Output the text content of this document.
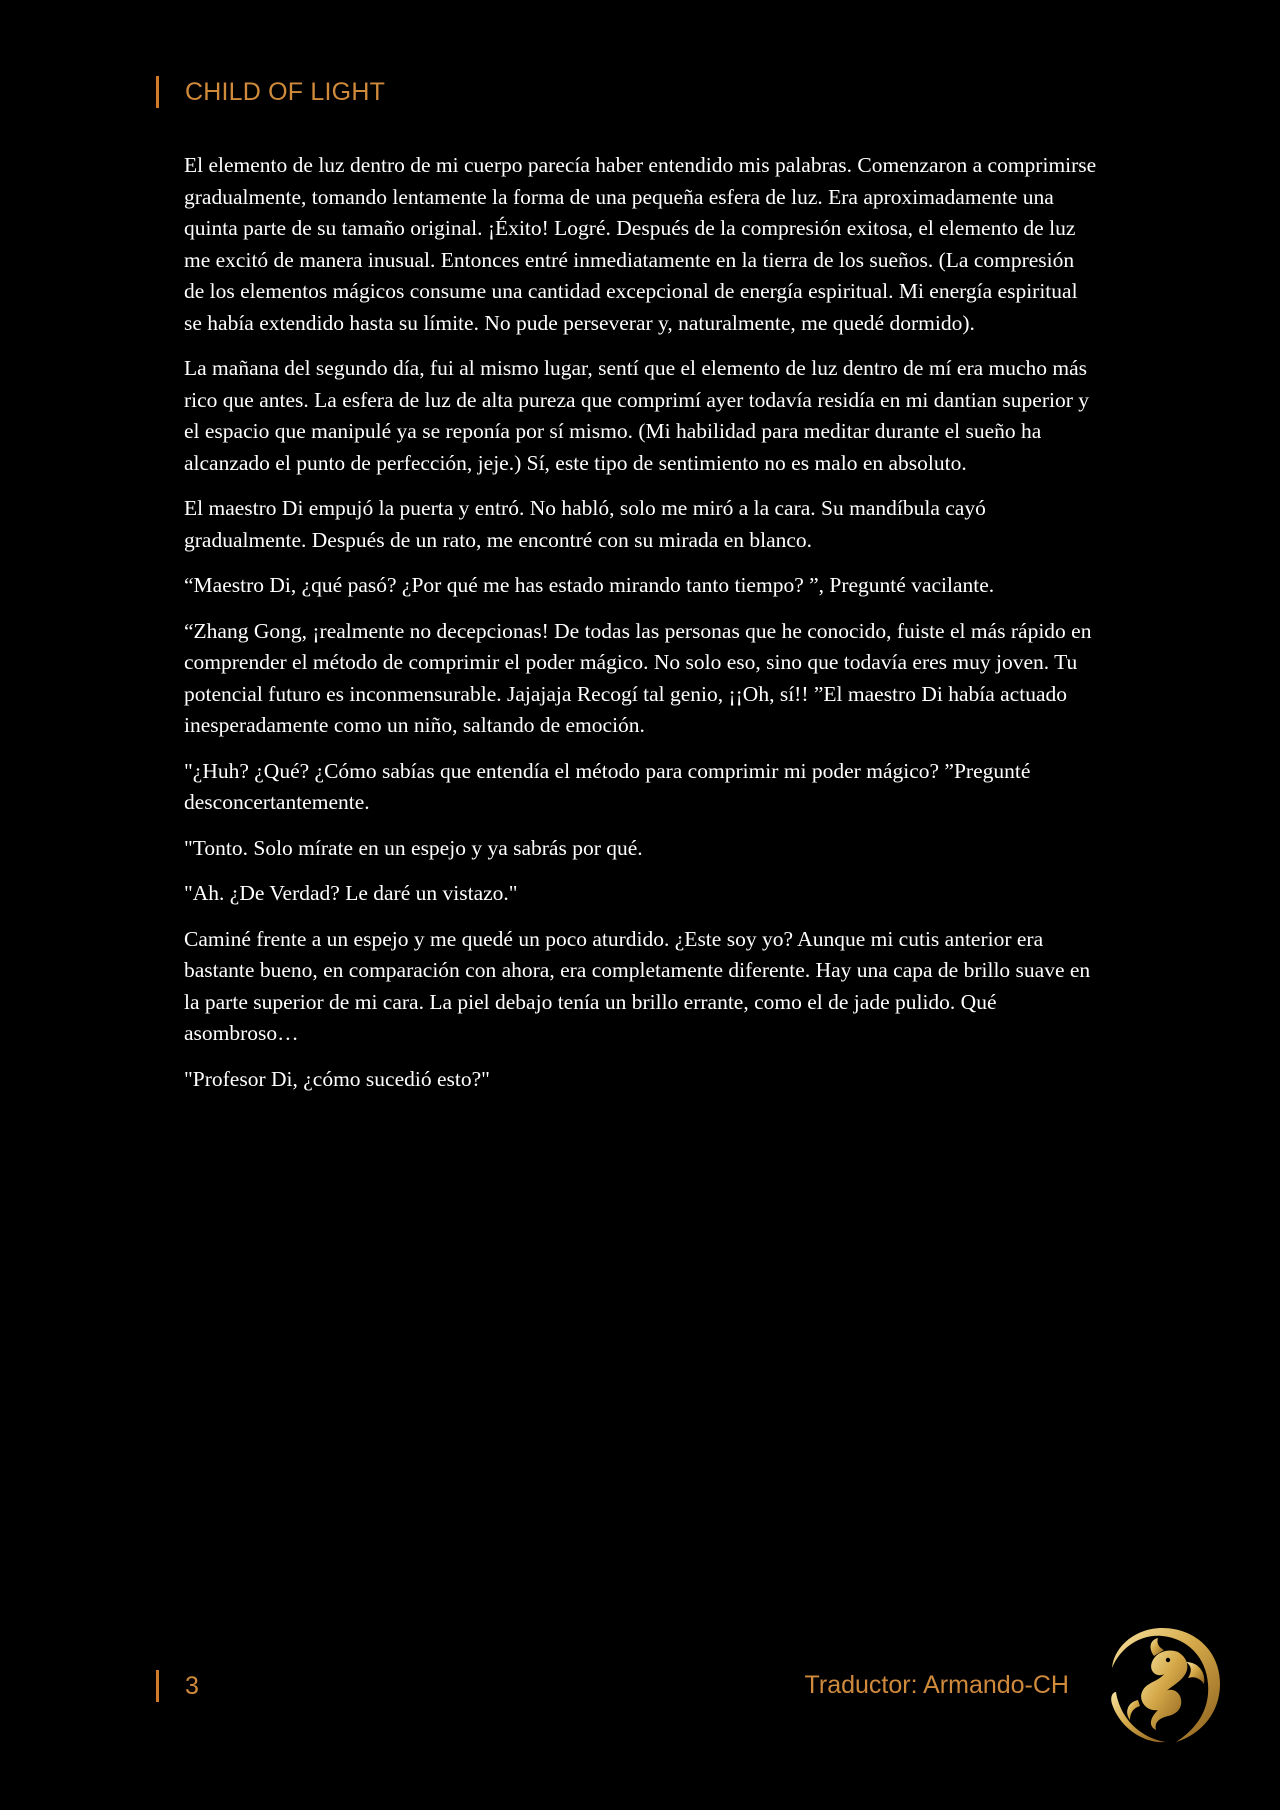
CHILD OF LIGHT

El elemento de luz dentro de mi cuerpo parecía haber entendido mis palabras. Comenzaron a comprimirse gradualmente, tomando lentamente la forma de una pequeña esfera de luz. Era aproximadamente una quinta parte de su tamaño original. ¡Éxito! Logré. Después de la compresión exitosa, el elemento de luz me excitó de manera inusual. Entonces entré inmediatamente en la tierra de los sueños. (La compresión de los elementos mágicos consume una cantidad excepcional de energía espiritual. Mi energía espiritual se había extendido hasta su límite. No pude perseverar y, naturalmente, me quedé dormido).

La mañana del segundo día, fui al mismo lugar, sentí que el elemento de luz dentro de mí era mucho más rico que antes. La esfera de luz de alta pureza que comprimí ayer todavía residía en mi dantian superior y el espacio que manipulé ya se reponía por sí mismo. (Mi habilidad para meditar durante el sueño ha alcanzado el punto de perfección, jeje.) Sí, este tipo de sentimiento no es malo en absoluto.

El maestro Di empujó la puerta y entró. No habló, solo me miró a la cara. Su mandíbula cayó gradualmente. Después de un rato, me encontré con su mirada en blanco.

“Maestro Di, ¿qué pasó? ¿Por qué me has estado mirando tanto tiempo? ”, Pregunté vacilante.

“Zhang Gong, ¡realmente no decepcionas! De todas las personas que he conocido, fuiste el más rápido en comprender el método de comprimir el poder mágico. No solo eso, sino que todavía eres muy joven. Tu potencial futuro es inconmensurable. Jajajaja Recogí tal genio, ¡¡Oh, sí!! ”El maestro Di había actuado inesperadamente como un niño, saltando de emoción.

"¿Huh? ¿Qué? ¿Cómo sabías que entendía el método para comprimir mi poder mágico? ”Pregunté desconcertantemente.

"Tonto. Solo mírate en un espejo y ya sabrás por qué.

"Ah. ¿De Verdad? Le daré un vistazo."

Caminé frente a un espejo y me quedé un poco aturdido. ¿Este soy yo? Aunque mi cutis anterior era bastante bueno, en comparación con ahora, era completamente diferente. Hay una capa de brillo suave en la parte superior de mi cara. La piel debajo tenía un brillo errante, como el de jade pulido. Qué asombroso…

"Profesor Di, ¿cómo sucedió esto?"

3	Traductor: Armando-CH
